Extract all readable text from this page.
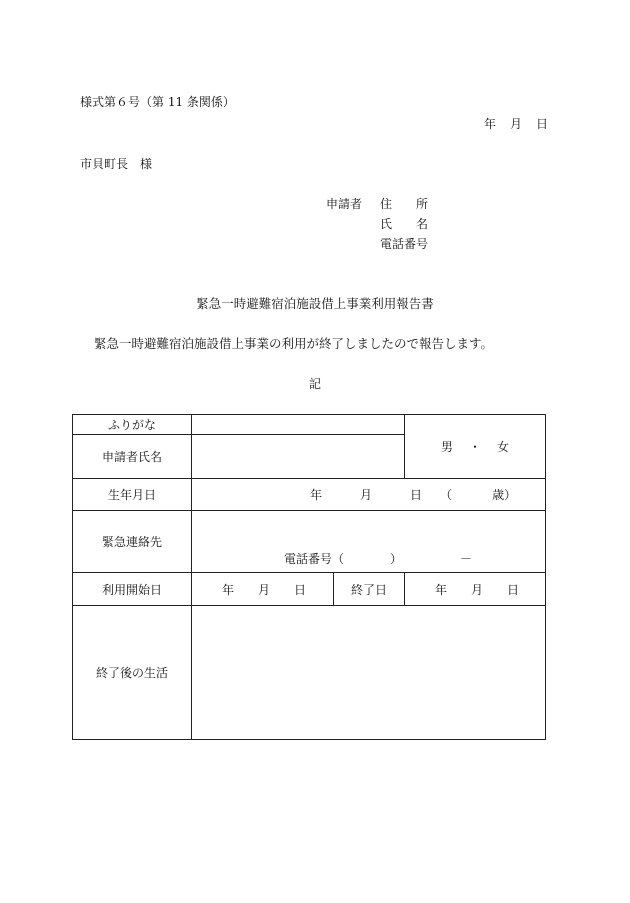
様式第６号（第 11 条関係）
年 月 日
市貝町長　様
申請者 住　　所
氏　　名
電話番号
緊急一時避難宿泊施設借上事業利用報告書
緊急一時避難宿泊施設借上事業の利用が終了しましたので報告します。
記
ふりがな			男 ・ 女
申請者氏名			
生年月日	年 月 日 （ 歳）		
緊急連絡先	電話番号（ ） －		

利用開始日	年 月 日	終了日	年 月 日
終了後の生活			
